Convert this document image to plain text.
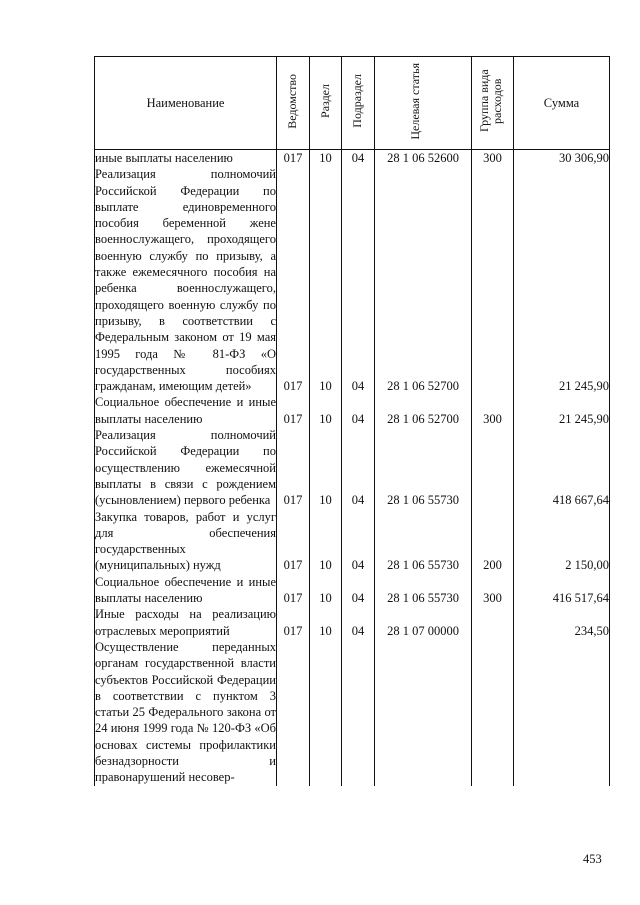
Наименование	Ведомство	Раздел	Подраздел	Целевая статья	Группа вида расходов	Сумма
иные выплаты населению	017	10	04	28 1 06 52600	300	30 306,90
Реализация полномочий Российской Федерации по выплате единовременного пособия беременной жене военнослужащего, проходящего военную службу по призыву, а также ежемесячного пособия на ребенка военнослужащего, проходящего военную службу по призыву, в соответствии с Федеральным законом от 19 мая 1995 года № 81-ФЗ «О государственных пособиях гражданам, имеющим детей»	017	10	04	28 1 06 52700		21 245,90
Социальное обеспечение и иные выплаты населению	017	10	04	28 1 06 52700	300	21 245,90
Реализация полномочий Российской Федерации по осуществлению ежемесячной выплаты в связи с рождением (усыновлением) первого ребенка	017	10	04	28 1 06 55730		418 667,64
Закупка товаров, работ и услуг для обеспечения государственных (муниципальных) нужд	017	10	04	28 1 06 55730	200	2 150,00
Социальное обеспечение и иные выплаты населению	017	10	04	28 1 06 55730	300	416 517,64
Иные расходы на реализацию отраслевых мероприятий	017	10	04	28 1 07 00000		234,50
Осуществление переданных органам государственной власти субъектов Российской Федерации в соответствии с пунктом 3 статьи 25 Федерального закона от 24 июня 1999 года № 120-ФЗ «Об основах системы профилактики безнадзорности и правонарушений несовер-						
453
